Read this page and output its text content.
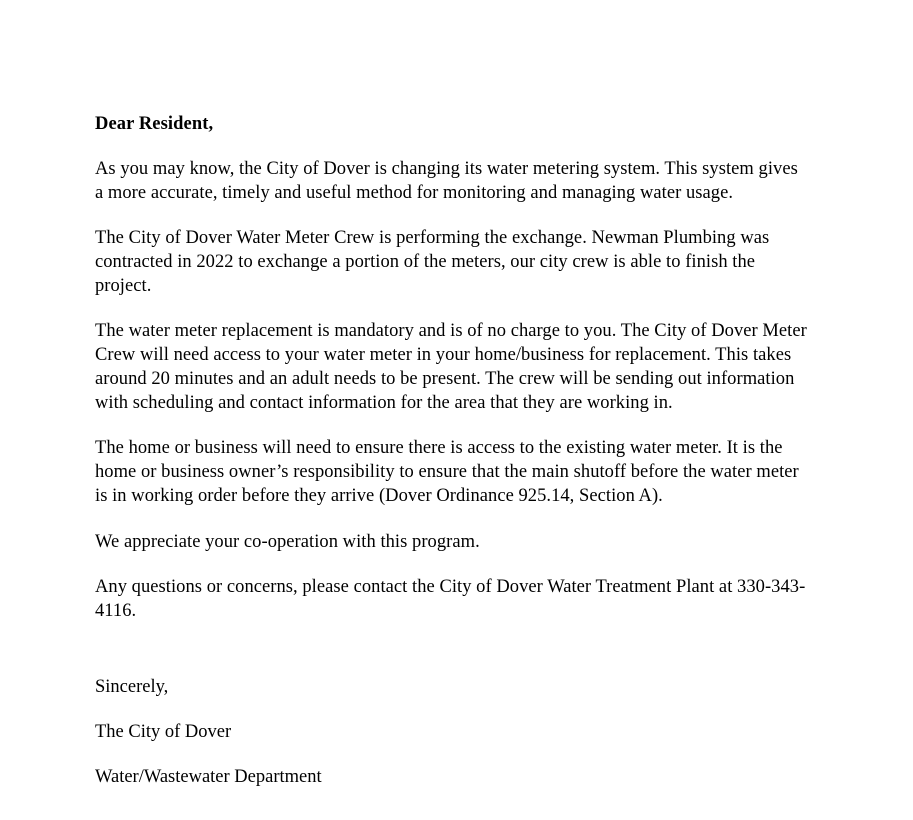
Dear Resident,

As you may know, the City of Dover is changing its water metering system. This system gives a more accurate, timely and useful method for monitoring and managing water usage.

The City of Dover Water Meter Crew is performing the exchange. Newman Plumbing was contracted in 2022 to exchange a portion of the meters, our city crew is able to finish the project.

The water meter replacement is mandatory and is of no charge to you. The City of Dover Meter Crew will need access to your water meter in your home/business for replacement. This takes around 20 minutes and an adult needs to be present. The crew will be sending out information with scheduling and contact information for the area that they are working in.

The home or business will need to ensure there is access to the existing water meter. It is the home or business owner’s responsibility to ensure that the main shutoff before the water meter is in working order before they arrive (Dover Ordinance 925.14, Section A).

We appreciate your co-operation with this program.

Any questions or concerns, please contact the City of Dover Water Treatment Plant at 330-343-4116.

Sincerely,

The City of Dover

Water/Wastewater Department
